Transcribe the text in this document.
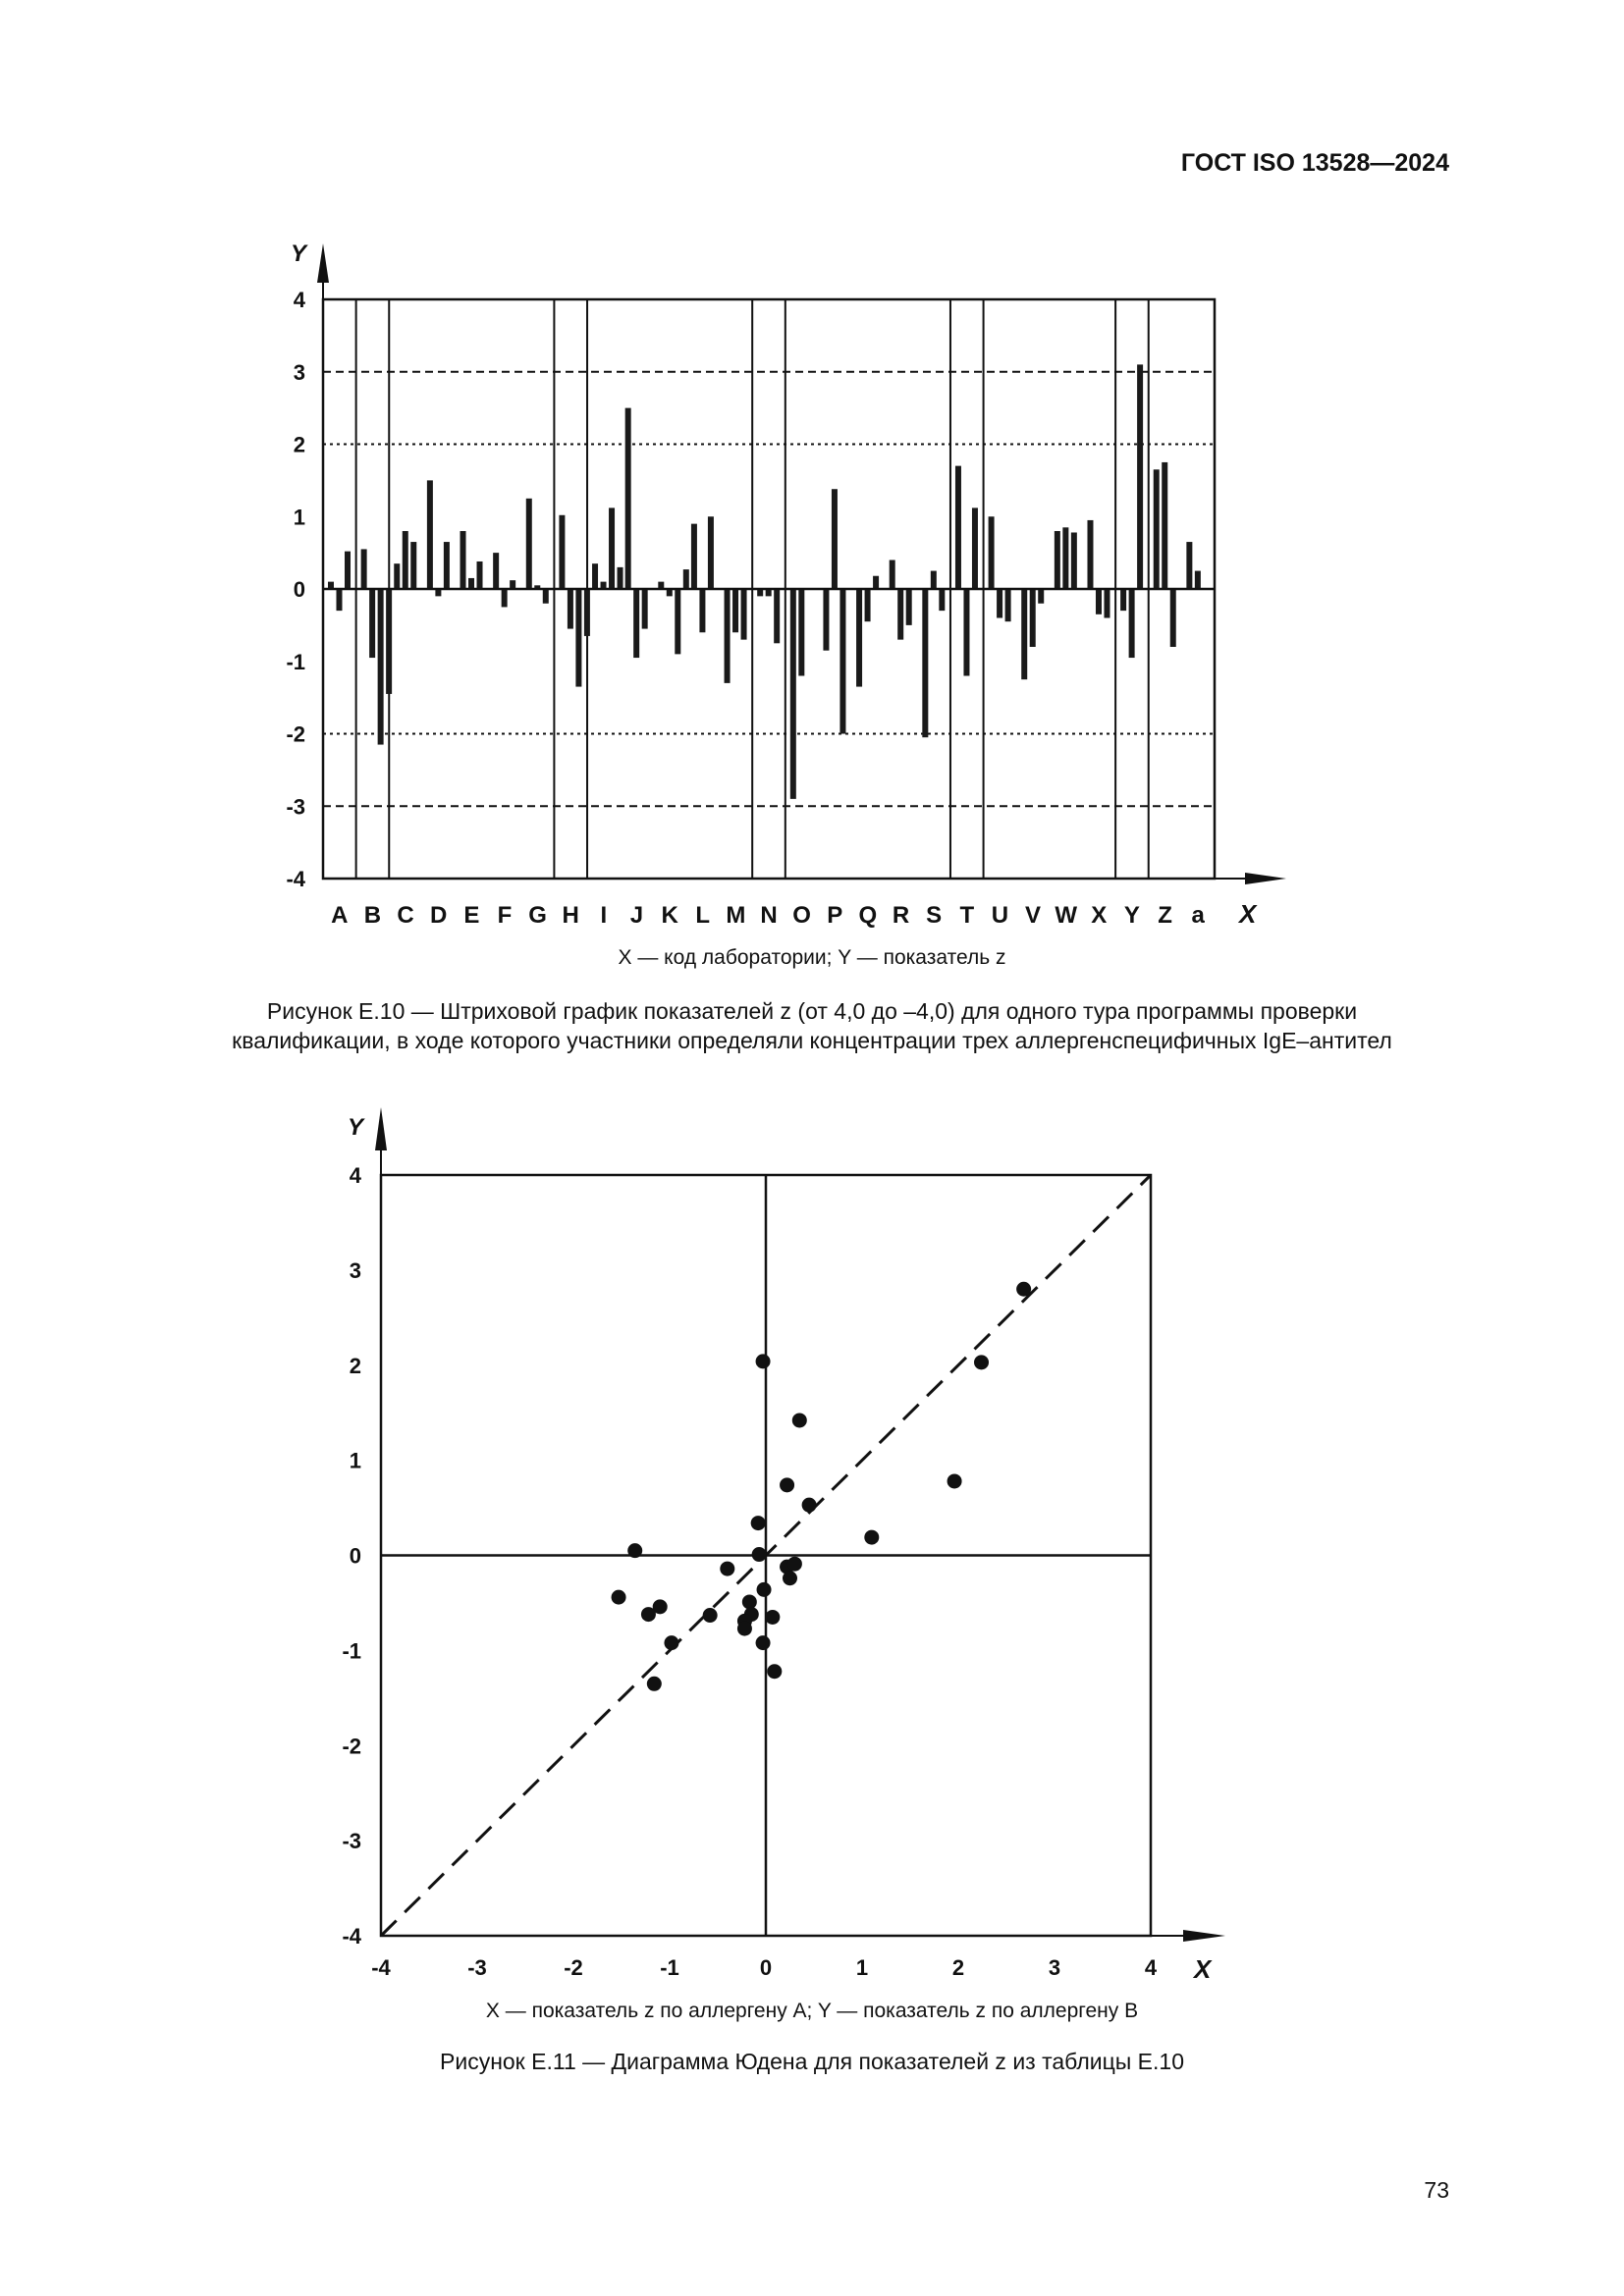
ГОСТ ISO 13528—2024
4
3
2
1
0
-1
-2
-3
-4
Y
X
A B C D E F G H I J K L M N O P Q R S T U V W X Y Z a
X — код лаборатории; Y — показатель z
Рисунок Е.10 — Штриховой график показателей z (от 4,0 до –4,0) для одного тура программы проверки
квалификации, в ходе которого участники определяли концентрации трех аллергенспецифичных IgE–антител
4
3
2
1
0
-1
-2
-3
-4
-4	-3	-2	-1	0	1	2	3	4
Y
X
X — показатель z по аллергену A; Y — показатель z по аллергену B
Рисунок Е.11 — Диаграмма Юдена для показателей z из таблицы Е.10
73
